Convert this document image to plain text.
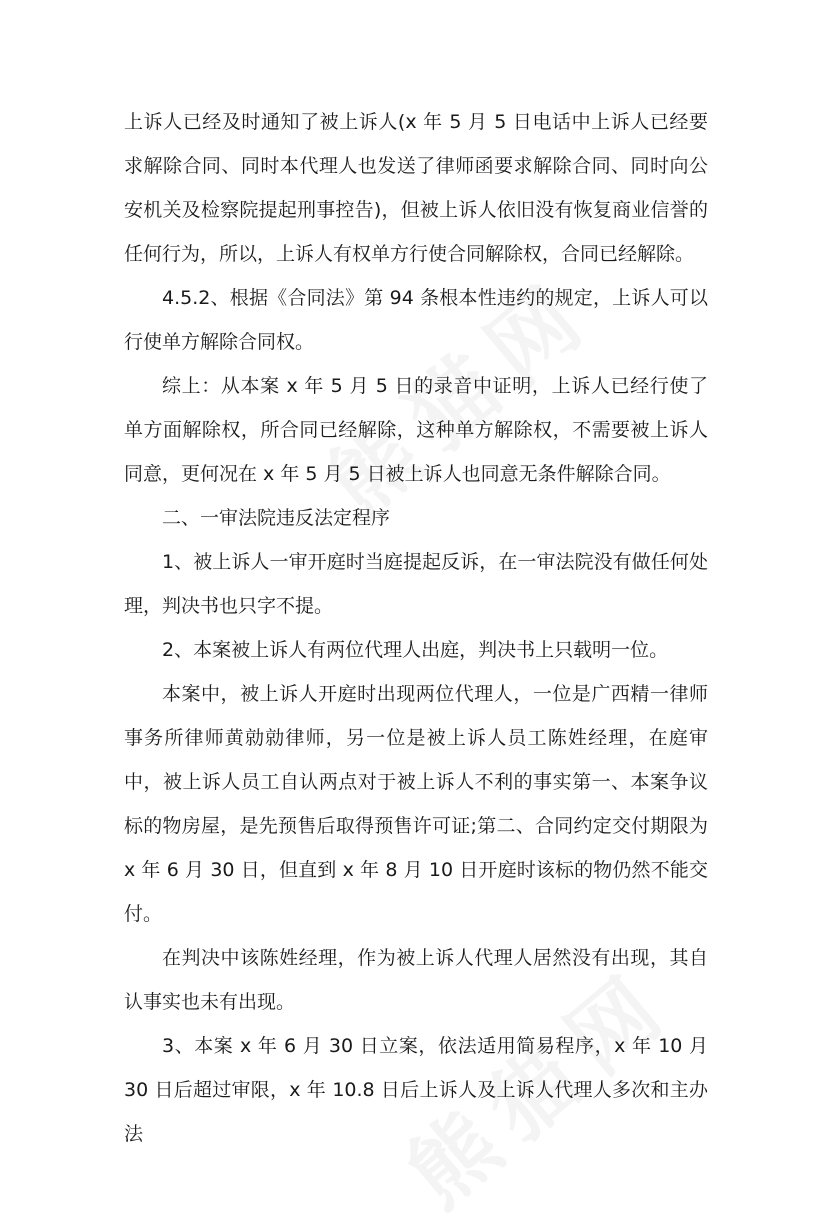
上诉人已经及时通知了被上诉人(x 年 5 月 5 日电话中上诉人已经要求解除合同、同时本代理人也发送了律师函要求解除合同、同时向公安机关及检察院提起刑事控告)，但被上诉人依旧没有恢复商业信誉的任何行为，所以，上诉人有权单方行使合同解除权，合同已经解除。

4.5.2、根据《合同法》第 94 条根本性违约的规定，上诉人可以行使单方解除合同权。

综上：从本案 x 年 5 月 5 日的录音中证明，上诉人已经行使了单方面解除权，所合同已经解除，这种单方解除权，不需要被上诉人同意，更何况在 x 年 5 月 5 日被上诉人也同意无条件解除合同。

二、一审法院违反法定程序

1、被上诉人一审开庭时当庭提起反诉，在一审法院没有做任何处理，判决书也只字不提。

2、本案被上诉人有两位代理人出庭，判决书上只载明一位。

本案中，被上诉人开庭时出现两位代理人，一位是广西精一律师事务所律师黄勍勍律师，另一位是被上诉人员工陈姓经理，在庭审中，被上诉人员工自认两点对于被上诉人不利的事实第一、本案争议标的物房屋，是先预售后取得预售许可证;第二、合同约定交付期限为 x 年 6 月 30 日，但直到 x 年 8 月 10 日开庭时该标的物仍然不能交付。

在判决中该陈姓经理，作为被上诉人代理人居然没有出现，其自认事实也未有出现。

3、本案 x 年 6 月 30 日立案，依法适用简易程序，x 年 10 月 30 日后超过审限，x 年 10.8 日后上诉人及上诉人代理人多次和主办法
